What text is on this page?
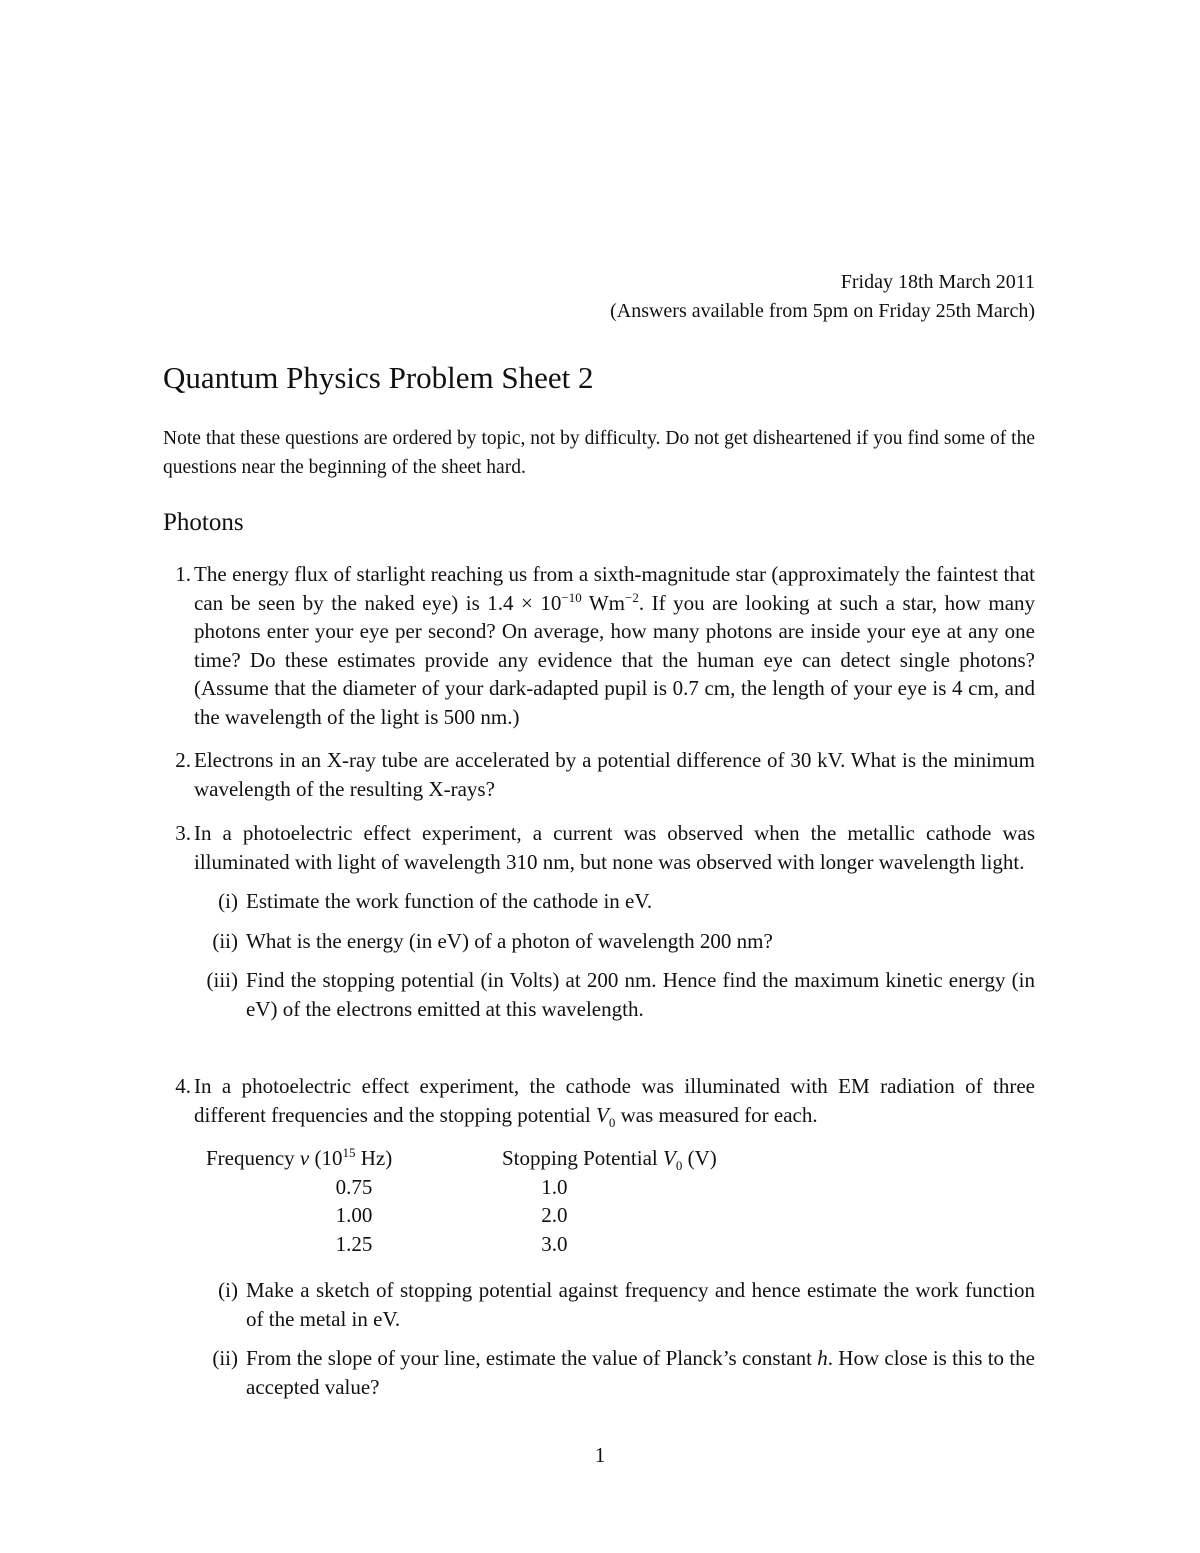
Friday 18th March 2011
(Answers available from 5pm on Friday 25th March)
Quantum Physics Problem Sheet 2
Note that these questions are ordered by topic, not by difficulty. Do not get disheartened if you find some of the questions near the beginning of the sheet hard.
Photons
1. The energy flux of starlight reaching us from a sixth-magnitude star (approximately the faintest that can be seen by the naked eye) is $1.4 \times 10^{-10}$ $Wm^{-2}$. If you are looking at such a star, how many photons enter your eye per second? On average, how many photons are inside your eye at any one time? Do these estimates provide any evidence that the human eye can detect single photons? (Assume that the diameter of your dark-adapted pupil is 0.7 cm, the length of your eye is 4 cm, and the wavelength of the light is 500 nm.)
2. Electrons in an X-ray tube are accelerated by a potential difference of 30 kV. What is the minimum wavelength of the resulting X-rays?
3. In a photoelectric effect experiment, a current was observed when the metallic cathode was illuminated with light of wavelength 310 nm, but none was observed with longer wavelength light.
(i) Estimate the work function of the cathode in eV.
(ii) What is the energy (in eV) of a photon of wavelength 200 nm?
(iii) Find the stopping potential (in Volts) at 200 nm. Hence find the maximum kinetic energy (in eV) of the electrons emitted at this wavelength.
4. In a photoelectric effect experiment, the cathode was illuminated with EM radiation of three different frequencies and the stopping potential $V_0$ was measured for each.
Frequency ν ($10^{15}$ Hz)	Stopping Potential $V_0$ (V)
0.75	1.0
1.00	2.0
1.25	3.0
(i) Make a sketch of stopping potential against frequency and hence estimate the work function of the metal in eV.
(ii) From the slope of your line, estimate the value of Planck’s constant h. How close is this to the accepted value?
1
